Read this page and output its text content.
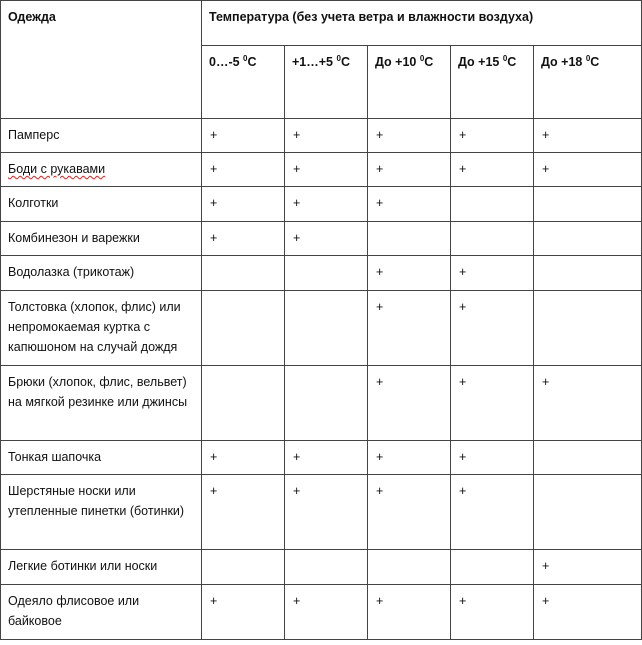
Одежда	Температура (без учета ветра и влажности воздуха)				
	0…-5 $^0$C	+1…+5 $^0$C	До +10 $^0$C	До +15 $^0$C	До +18 $^0$C
Памперс	+	+	+	+	+
Боди с рукавами	+	+	+	+	+
Колготки	+	+	+		
Комбинезон и варежки	+	+			
Водолазка (трикотаж)			+	+	
Толстовка (хлопок, флис) или непромокаемая куртка с капюшоном на случай дождя			+	+	
Брюки (хлопок, флис, вельвет) на мягкой резинке или джинсы			+	+	+
Тонкая шапочка	+	+	+	+	
Шерстяные носки или утепленные пинетки (ботинки)	+	+	+	+	
Легкие ботинки или носки					+
Одеяло флисовое или байковое	+	+	+	+	+
